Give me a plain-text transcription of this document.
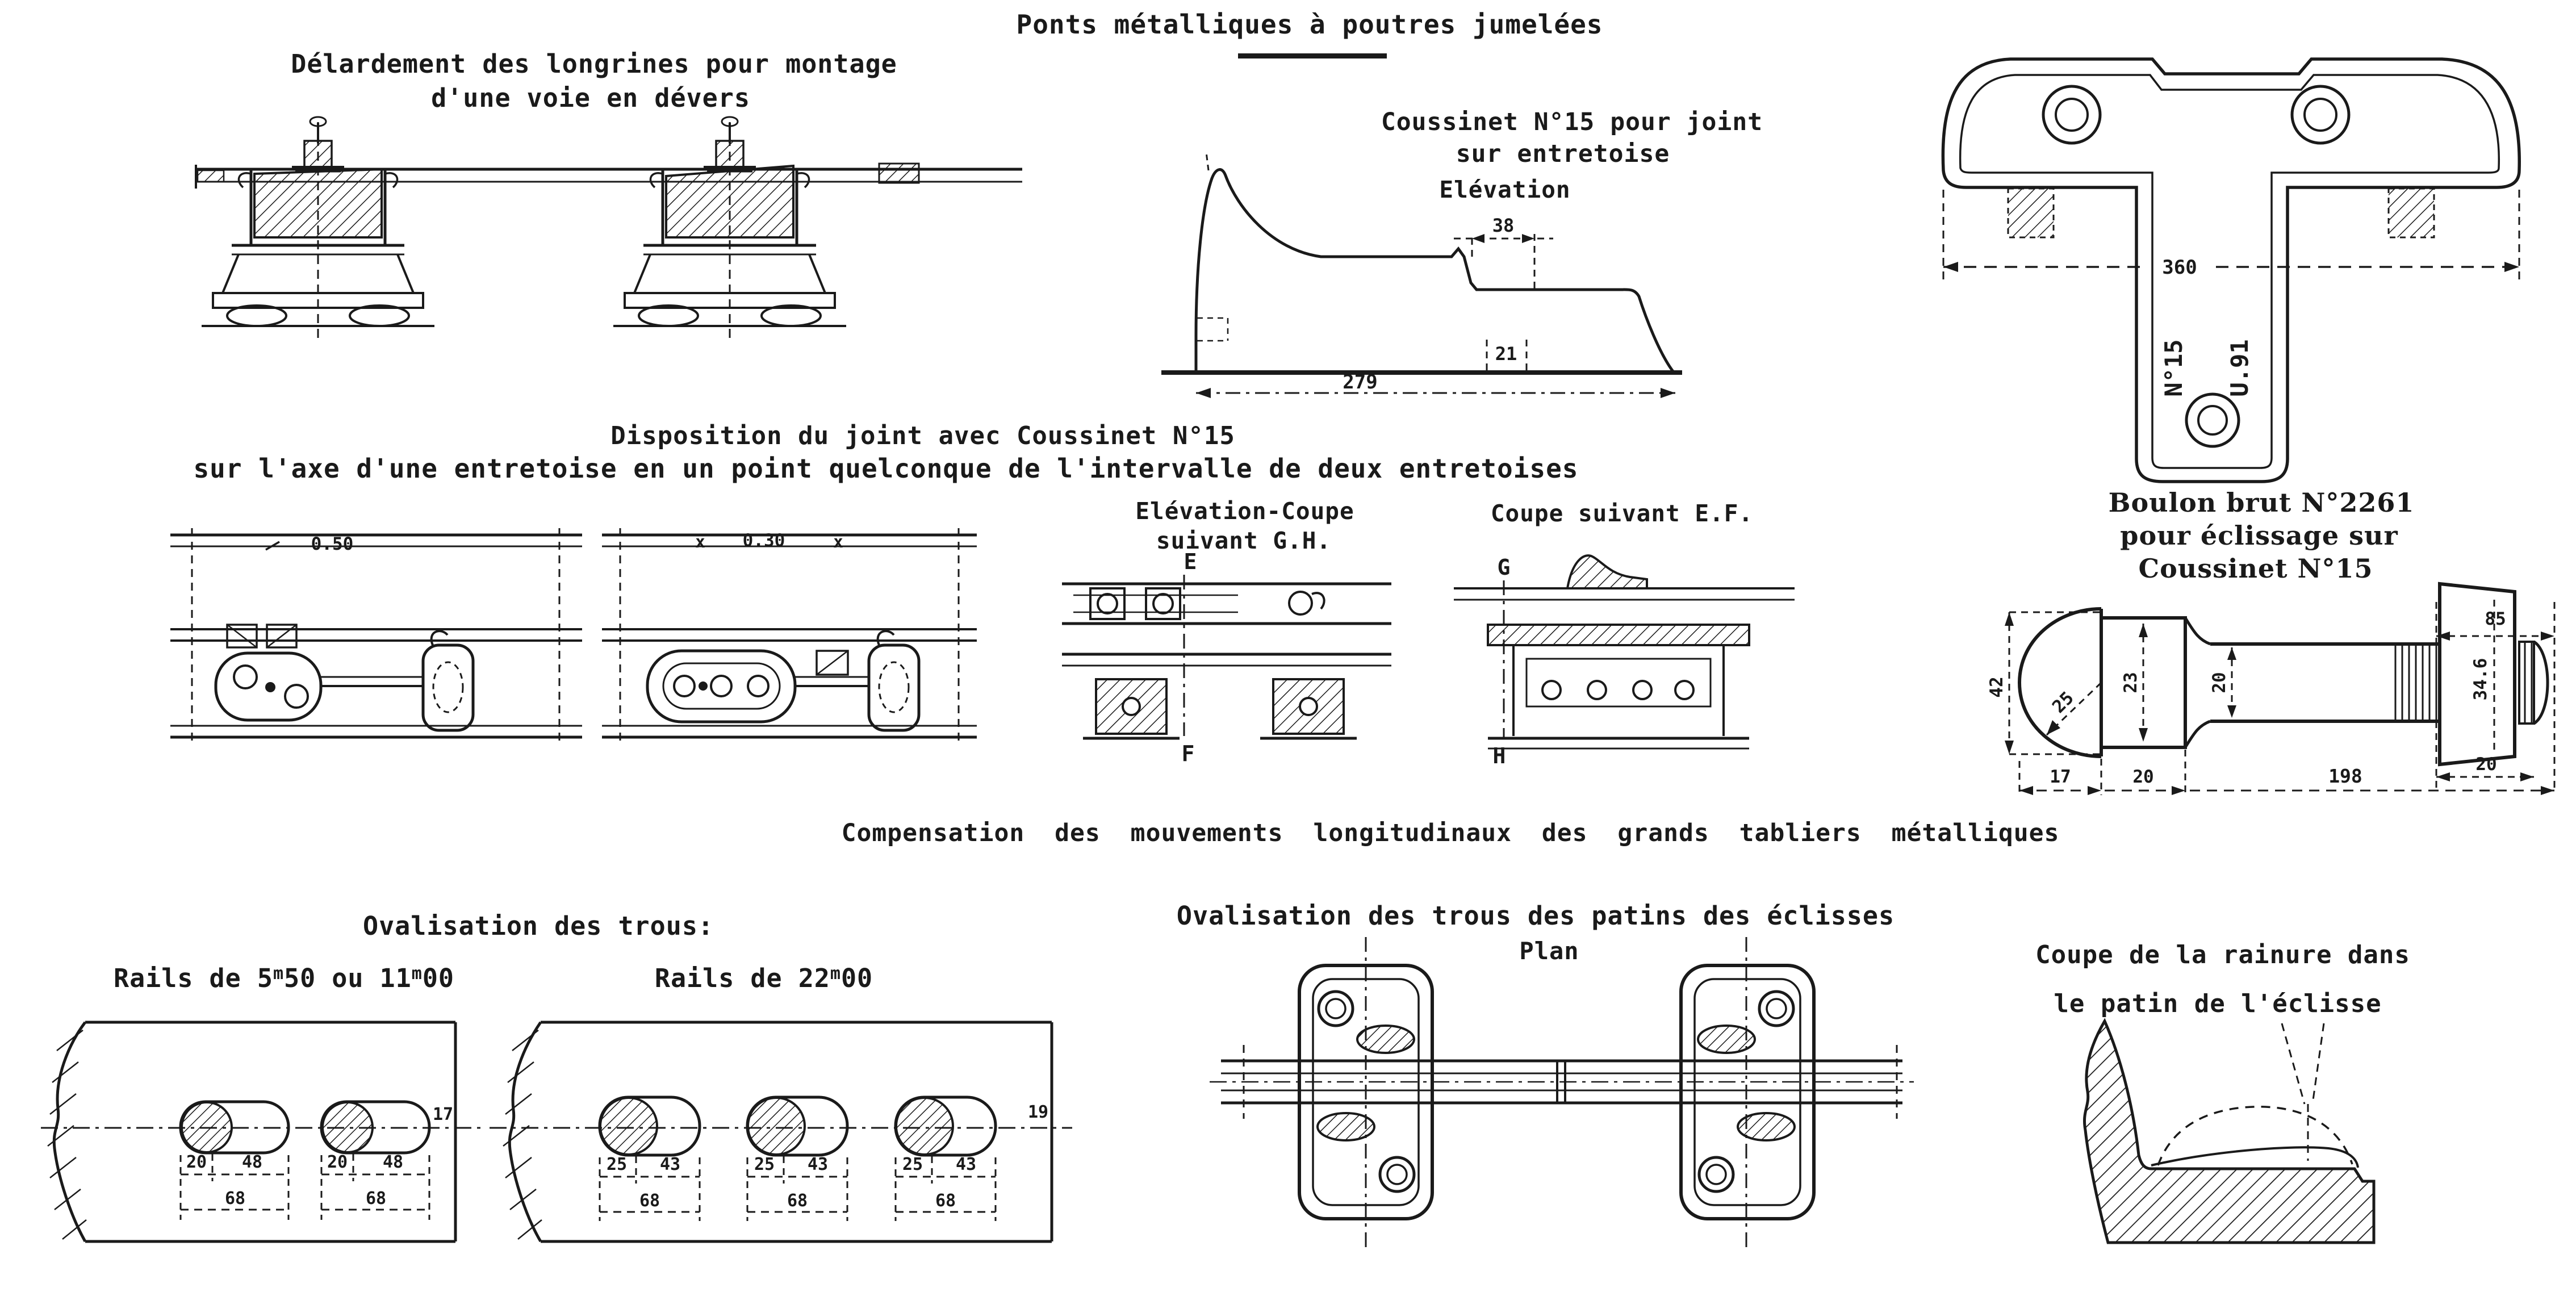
Ponts métalliques à poutres jumelées
Délardement des longrines pour montage
d'une voie en dévers
Coussinet N°15 pour joint
sur entretoise
Elévation
Disposition du joint avec Coussinet N°15
sur l'axe d'une entretoise en un point quelconque de l'intervalle de deux entretoises
Elévation-Coupe
suivant G.H.
Coupe suivant E.F.	Boulon brut N°2261
pour éclissage sur
Coussinet N°15
Compensation des mouvements longitudinaux des grands tabliers métalliques
Ovalisation des trous:
Rails de 5$^m$50 ou 11$^m$00	Rails de 22$^m$00
Ovalisation des trous des patins des éclisses
Plan	Coupe de la rainure dans
le patin de l'éclisse
38
21
279
360
N°15 U.91
0.50	x 0.30	x
E
F
G
H
42
25
23	20
85
34.6
20
17	20	198
20 48
68
20 48
68
17
25 43
68
25 43
68
25 43
68
19
